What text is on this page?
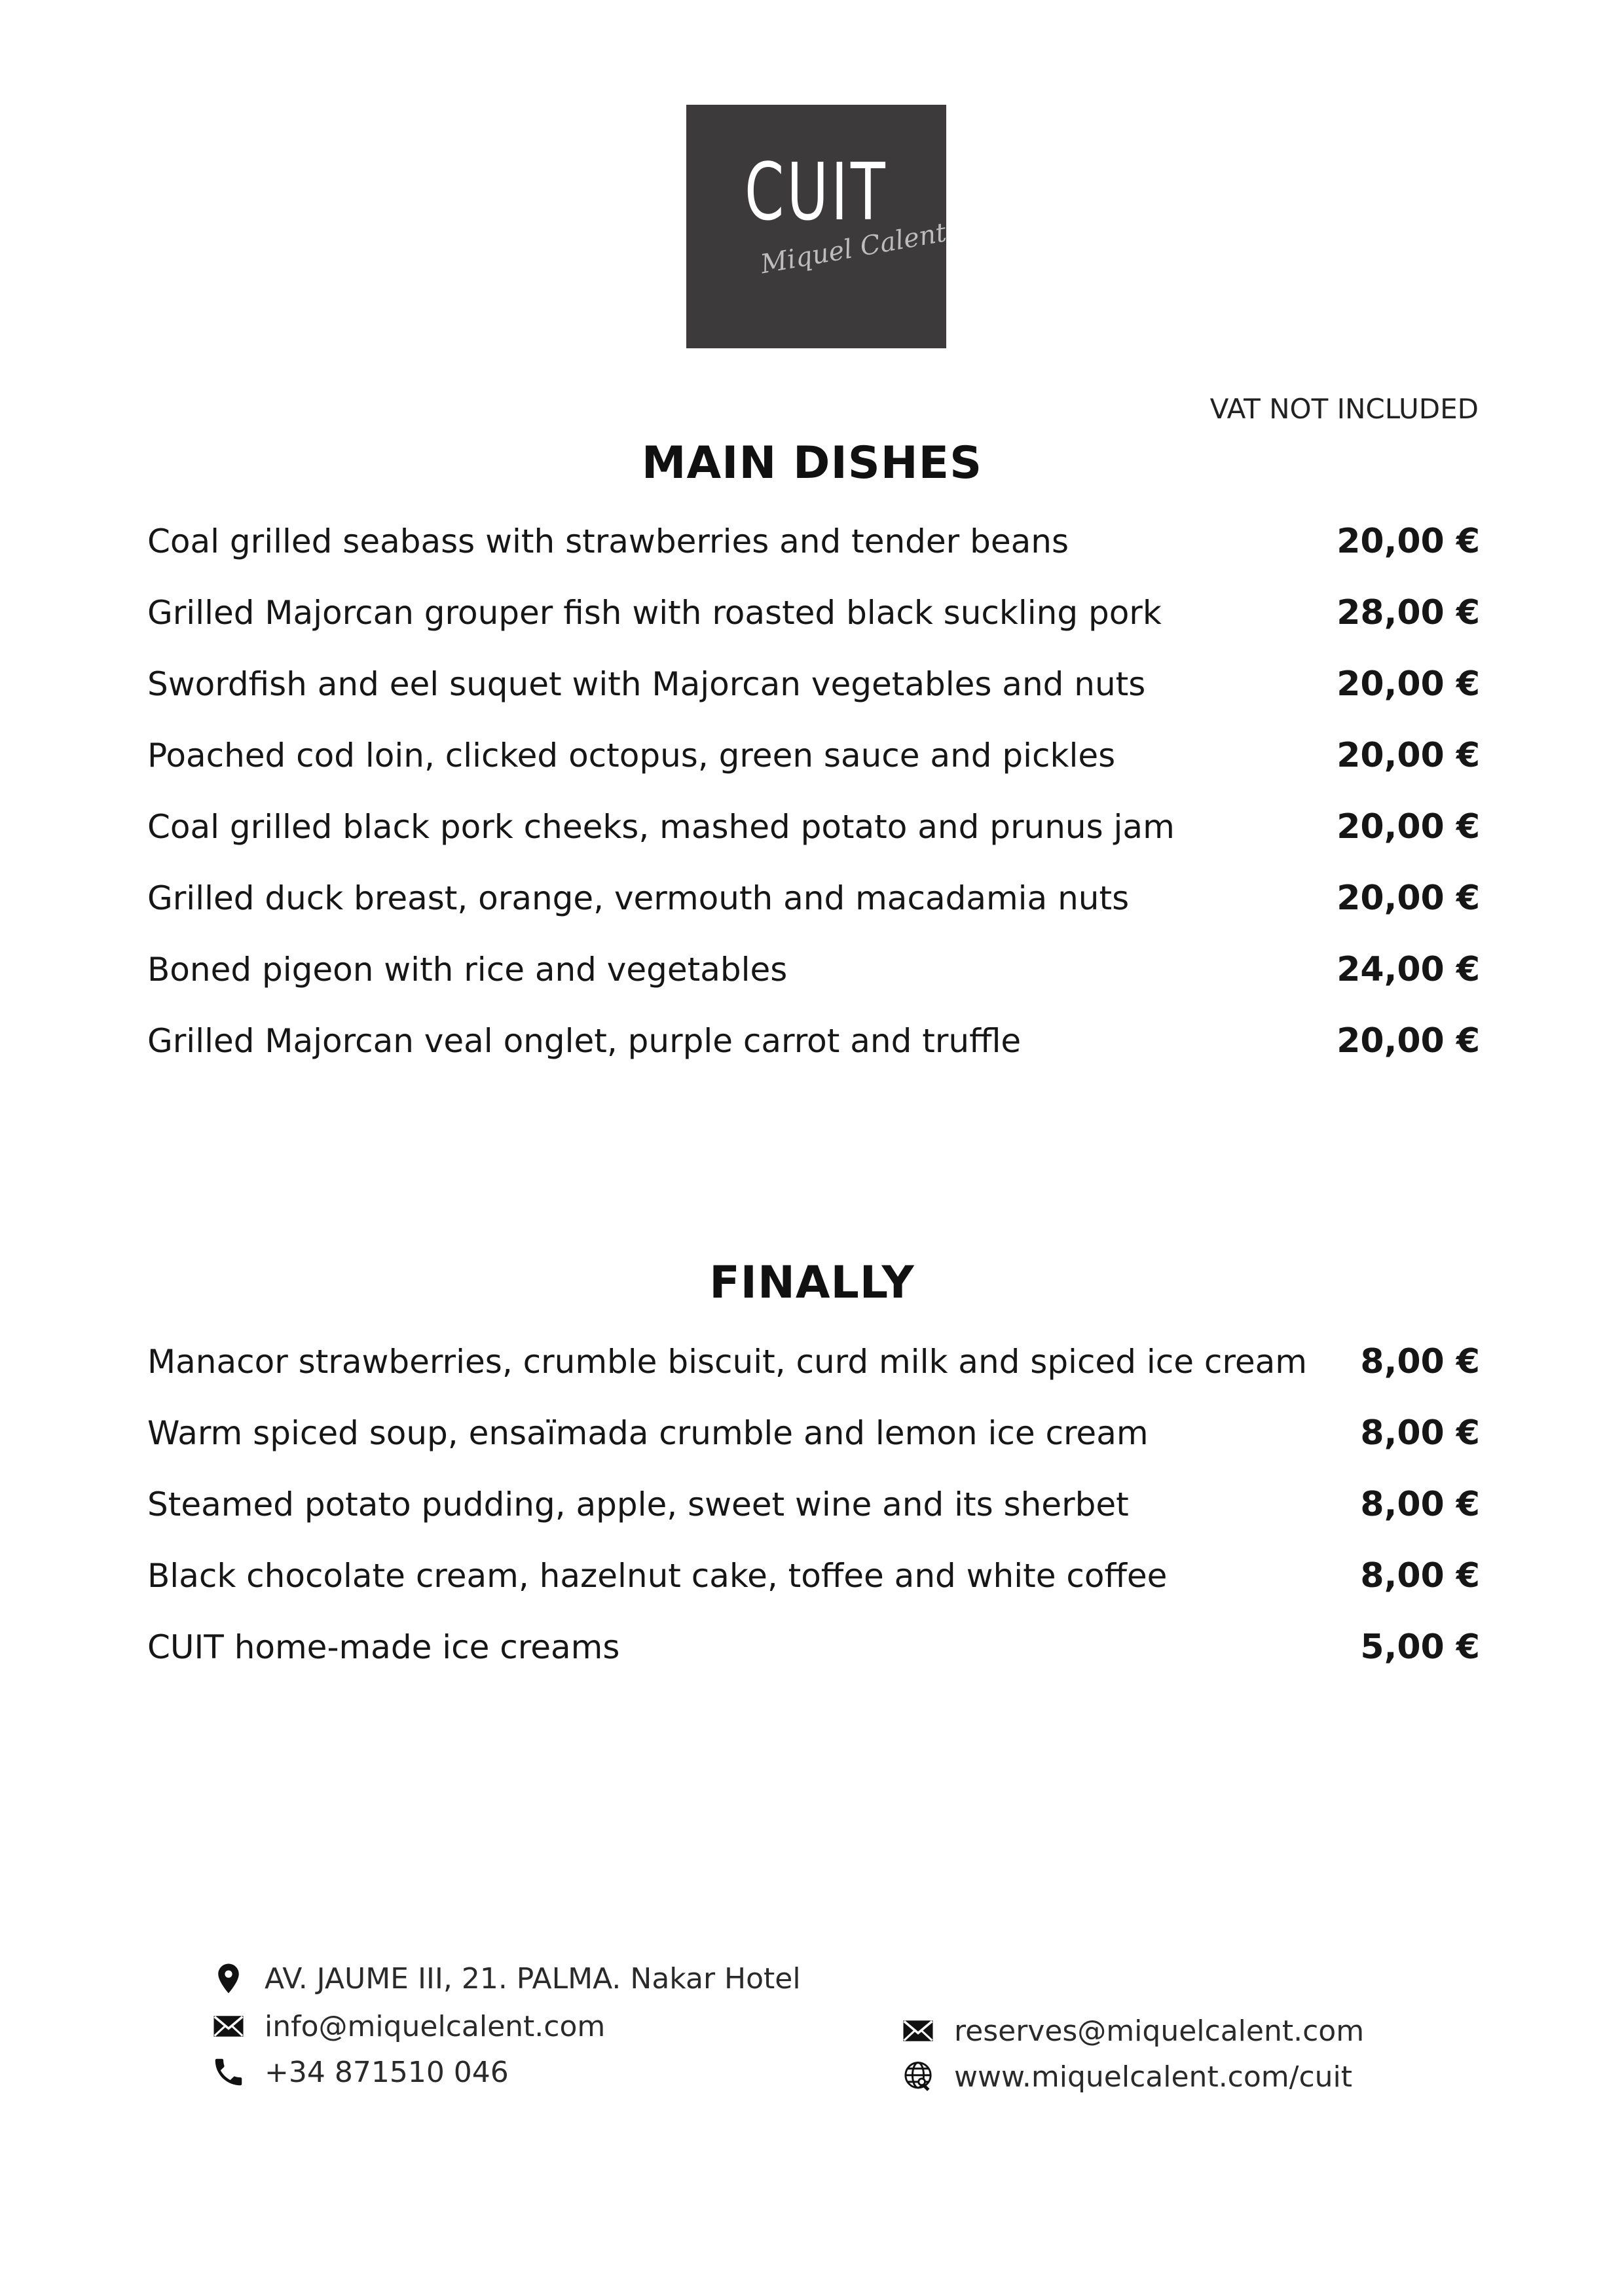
CUIT
Miquel Calent
VAT NOT INCLUDED
MAIN DISHES
Coal grilled seabass with strawberries and tender beans	20,00 €
Grilled Majorcan grouper fish with roasted black suckling pork	28,00 €
Swordfish and eel suquet with Majorcan vegetables and nuts	20,00 €
Poached cod loin, clicked octopus, green sauce and pickles	20,00 €
Coal grilled black pork cheeks, mashed potato and prunus jam	20,00 €
Grilled duck breast, orange, vermouth and macadamia nuts	20,00 €
Boned pigeon with rice and vegetables	24,00 €
Grilled Majorcan veal onglet, purple carrot and truffle	20,00 €
FINALLY
Manacor strawberries, crumble biscuit, curd milk and spiced ice cream 8,00 €
Warm spiced soup, ensaïmada crumble and lemon ice cream	8,00 €
Steamed potato pudding, apple, sweet wine and its sherbet	8,00 €
Black chocolate cream, hazelnut cake, toffee and white coffee	8,00 €
CUIT home-made ice creams	5,00 €
AV. JAUME III, 21. PALMA. Nakar Hotel
info@miquelcalent.com
+34 871510 046
reserves@miquelcalent.com
www.miquelcalent.com/cuit
